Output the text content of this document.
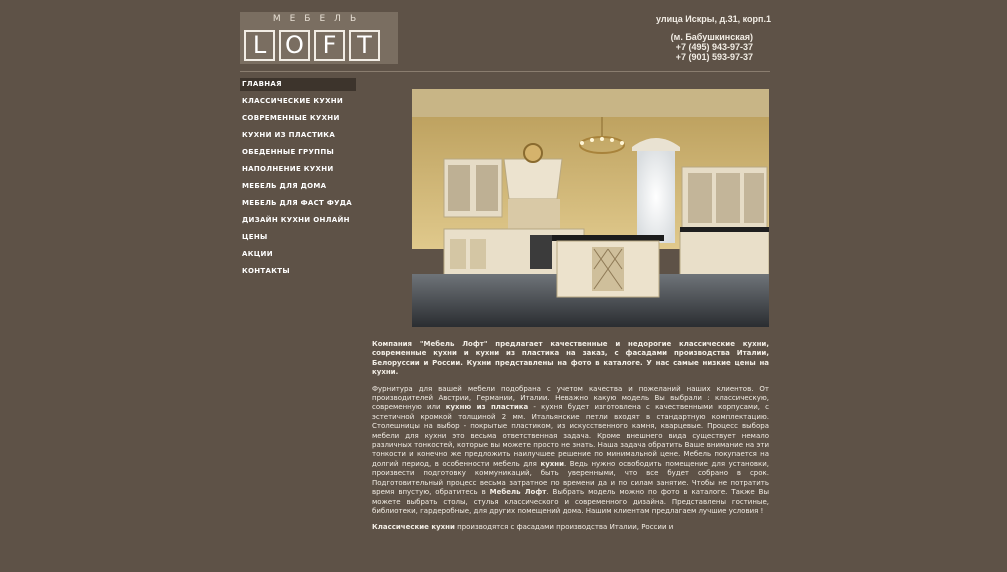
МЕБЕЛЬ
L O F T
улица Искры, д.31, корп.1
(м. Бабушкинская)
+7 (495) 943-97-37
+7 (901) 593-97-37
ГЛАВНАЯ
КЛАССИЧЕСКИЕ КУХНИ
СОВРЕМЕННЫЕ КУХНИ
КУХНИ ИЗ ПЛАСТИКА
ОБЕДЕННЫЕ ГРУППЫ
НАПОЛНЕНИЕ КУХНИ
МЕБЕЛЬ ДЛЯ ДОМА
МЕБЕЛЬ ДЛЯ ФАСТ ФУДА
ДИЗАЙН КУХНИ ОНЛАЙН
ЦЕНЫ
АКЦИИ
КОНТАКТЫ

Компания "Мебель Лофт" предлагает качественные и недорогие классические кухни, современные кухни и кухни из пластика на заказ, с фасадами производства Италии, Белоруссии и России. Кухни представлены на фото в каталоге. У нас самые низкие цены на кухни.

Фурнитура для вашей мебели подобрана с учетом качества и пожеланий наших клиентов. От производителей Австрии, Германии, Италии. Неважно какую модель Вы выбрали : классическую, современную или кухню из пластика - кухня будет изготовлена с качественными корпусами, с эстетичной кромкой толщиной 2 мм. Итальянские петли входят в стандартную комплектацию. Столешницы на выбор - покрытые пластиком, из искусственного камня, кварцевые. Процесс выбора мебели для кухни это весьма ответственная задача. Кроме внешнего вида существует немало различных тонкостей, которые вы можете просто не знать. Наша задача обратить Ваше внимание на эти тонкости и конечно же предложить наилучшее решение по минимальной цене. Мебель покупается на долгий период, в особенности мебель для кухни. Ведь нужно освободить помещение для установки, произвести подготовку коммуникаций, быть уверенными, что все будет собрано в срок. Подготовительный процесс весьма затратное по времени да и по силам занятие. Чтобы не потратить время впустую, обратитесь в Мебель Лофт. Выбрать модель можно по фото в каталоге. Также Вы можете выбрать столы, стулья классического и современного дизайна. Представлены гостиные, библиотеки, гардеробные, для других помещений дома. Нашим клиентам предлагаем лучшие условия !

Классические кухни производятся с фасадами производства Италии, России и
